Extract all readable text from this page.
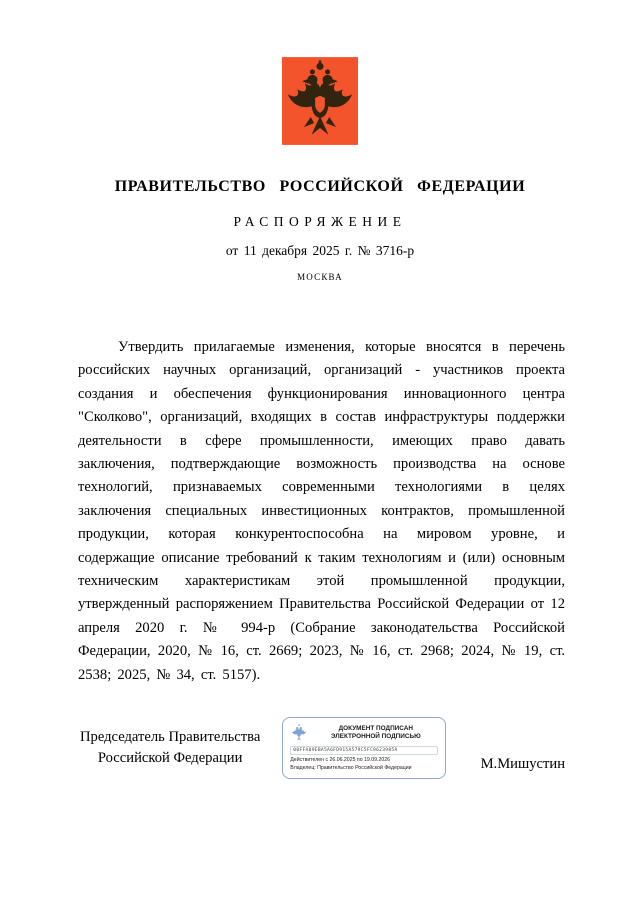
ПРАВИТЕЛЬСТВО РОССИЙСКОЙ ФЕДЕРАЦИИ
РАСПОРЯЖЕНИЕ
от 11 декабря 2025 г. № 3716-р
МОСКВА

Утвердить прилагаемые изменения, которые вносятся в перечень российских научных организаций, организаций - участников проекта создания и обеспечения функционирования инновационного центра "Сколково", организаций, входящих в состав инфраструктуры поддержки деятельности в сфере промышленности, имеющих право давать заключения, подтверждающие возможность производства на основе технологий, признаваемых современными технологиями в целях заключения специальных инвестиционных контрактов, промышленной продукции, которая конкурентоспособна на мировом уровне, и содержащие описание требований к таким технологиям и (или) основным техническим характеристикам этой промышленной продукции, утвержденный распоряжением Правительства Российской Федерации от 12 апреля 2020 г. № 994-р (Собрание законодательства Российской Федерации, 2020, № 16, ст. 2669; 2023, № 16, ст. 2968; 2024, № 19, ст. 2538; 2025, № 34, ст. 5157).

Председатель Правительства
Российской Федерации
ДОКУМЕНТ ПОДПИСАН
ЭЛЕКТРОННОЙ ПОДПИСЬЮ
00FFA09EBA5A6FD915A579C5FC9623985A
Действителен с 26.06.2025 по 19.09.2026
Владелец: Правительство Российской Федерации	М.Мишустин
